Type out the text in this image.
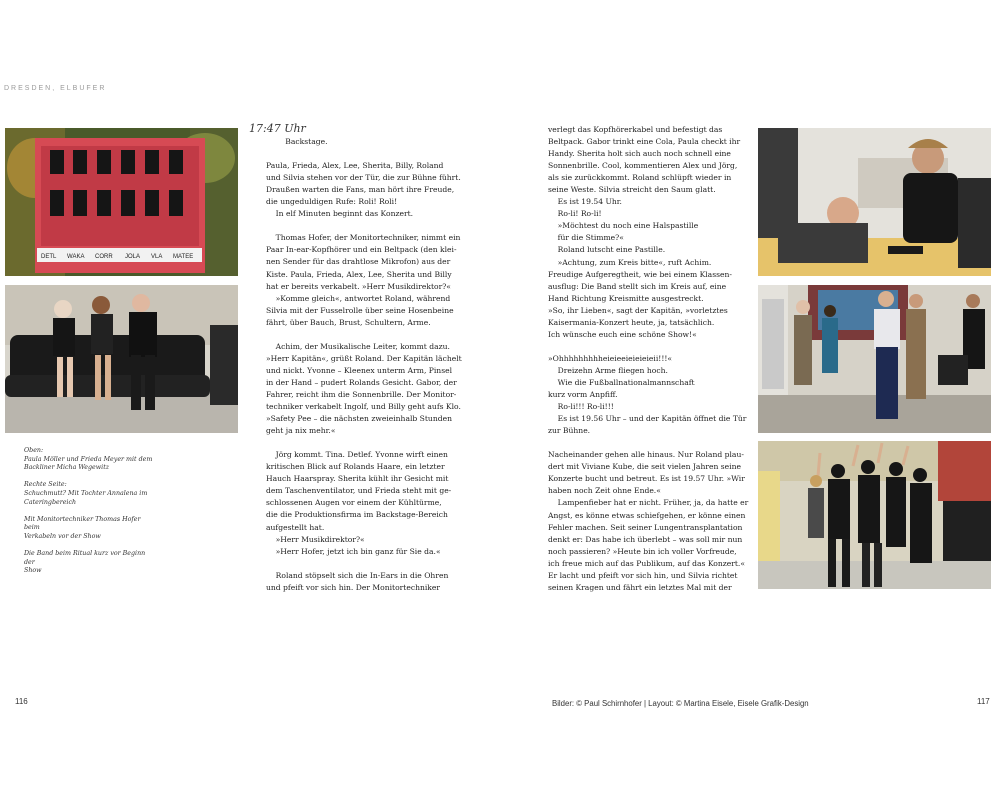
DRESDEN, ELBUFER
DETL WAKA CORR JOLA VLA MATEE
Oben:
Paula Möller und Frieda Meyer mit dem
Backliner Micha Wegewitz
Rechte Seite:
Schuchmutt? Mit Tochter Annalena im
Cateringbereich
Mit Monitortechniker Thomas Hofer beim
Verkabeln vor der Show
Die Band beim Ritual kurz vor Beginn der
Show
17:47 Uhr
Backstage.
Paula, Frieda, Alex, Lee, Sherita, Billy, Roland
und Silvia stehen vor der Tür, die zur Bühne führt.
Draußen warten die Fans, man hört ihre Freude,
die ungeduldigen Rufe: Roli! Roli!
In elf Minuten beginnt das Konzert.
Thomas Hofer, der Monitortechniker, nimmt ein
Paar In-ear-Kopfhörer und ein Beltpack (den klei-
nen Sender für das drahtlose Mikrofon) aus der
Kiste. Paula, Frieda, Alex, Lee, Sherita und Billy
hat er bereits verkabelt. »Herr Musikdirektor?«
»Komme gleich«, antwortet Roland, während
Silvia mit der Fusselrolle über seine Hosenbeine
fährt, über Bauch, Brust, Schultern, Arme.
Achim, der Musikalische Leiter, kommt dazu.
»Herr Kapitän«, grüßt Roland. Der Kapitän lächelt
und nickt. Yvonne – Kleenex unterm Arm, Pinsel
in der Hand – pudert Rolands Gesicht. Gabor, der
Fahrer, reicht ihm die Sonnenbrille. Der Monitor-
techniker verkabelt Ingolf, und Billy geht aufs Klo.
»Safety Pee – die nächsten zweieinhalb Stunden
geht ja nix mehr.«
Jörg kommt. Tina. Detlef. Yvonne wirft einen
kritischen Blick auf Rolands Haare, ein letzter
Hauch Haarspray. Sherita kühlt ihr Gesicht mit
dem Taschenventilator, und Frieda steht mit ge-
schlossenen Augen vor einem der Kühltürme,
die die Produktionsfirma im Backstage-Bereich
aufgestellt hat.
»Herr Musikdirektor?«
»Herr Hofer, jetzt ich bin ganz für Sie da.«
Roland stöpselt sich die In-Ears in die Ohren
und pfeift vor sich hin. Der Monitortechniker
verlegt das Kopfhörerkabel und befestigt das
Beltpack. Gabor trinkt eine Cola, Paula checkt ihr
Handy. Sherita holt sich auch noch schnell eine
Sonnenbrille. Cool, kommentieren Alex und Jörg,
als sie zurückkommt. Roland schlüpft wieder in
seine Weste. Silvia streicht den Saum glatt.
Es ist 19.54 Uhr.
Ro-li! Ro-li!
»Möchtest du noch eine Halspastille
für die Stimme?«
Roland lutscht eine Pastille.
»Achtung, zum Kreis bitte«, ruft Achim.
Freudige Aufgeregtheit, wie bei einem Klassen-
ausflug: Die Band stellt sich im Kreis auf, eine
Hand Richtung Kreismitte ausgestreckt.
»So, ihr Lieben«, sagt der Kapitän, »vorletztes
Kaisermania-Konzert heute, ja, tatsächlich.
Ich wünsche euch eine schöne Show!«
»Ohhhhhhhhheieieeieieieieii!!!«
Dreizehn Arme fliegen hoch.
Wie die Fußballnationalmannschaft
kurz vorm Anpfiff.
Ro-li!!! Ro-li!!!
Es ist 19.56 Uhr – und der Kapitän öffnet die Tür
zur Bühne.
Nacheinander gehen alle hinaus. Nur Roland plau-
dert mit Viviane Kube, die seit vielen Jahren seine
Konzerte bucht und betreut. Es ist 19.57 Uhr. »Wir
haben noch Zeit ohne Ende.«
Lampenfieber hat er nicht. Früher, ja, da hatte er
Angst, es könne etwas schiefgehen, er könne einen
Fehler machen. Seit seiner Lungentransplantation
denkt er: Das habe ich überlebt – was soll mir nun
noch passieren? »Heute bin ich voller Vorfreude,
ich freue mich auf das Publikum, auf das Konzert.«
Er lacht und pfeift vor sich hin, und Silvia richtet
seinen Kragen und fährt ein letztes Mal mit der
116	Bilder: © Paul Schirnhofer | Layout: © Martina Eisele, Eisele Grafik-Design	117
